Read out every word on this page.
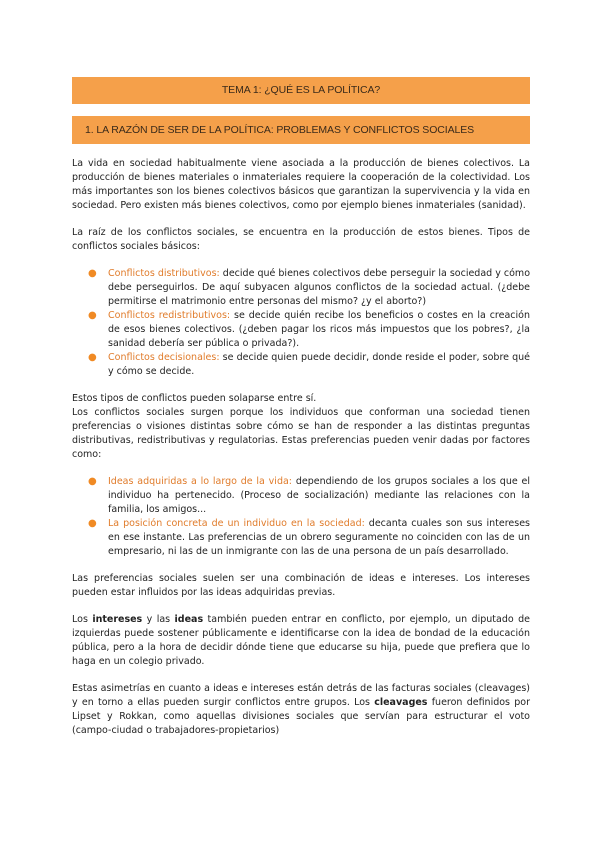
TEMA 1: ¿QUÉ ES LA POLÍTICA?
1. LA RAZÓN DE SER DE LA POLÍTICA: PROBLEMAS Y CONFLICTOS SOCIALES

La vida en sociedad habitualmente viene asociada a la producción de bienes colectivos. La producción de bienes materiales o inmateriales requiere la cooperación de la colectividad. Los más importantes son los bienes colectivos básicos que garantizan la supervivencia y la vida en sociedad. Pero existen más bienes colectivos, como por ejemplo bienes inmateriales (sanidad).

La raíz de los conflictos sociales, se encuentra en la producción de estos bienes. Tipos de conflictos sociales básicos:

● Conflictos distributivos: decide qué bienes colectivos debe perseguir la sociedad y cómo debe perseguirlos. De aquí subyacen algunos conflictos de la sociedad actual. (¿debe permitirse el matrimonio entre personas del mismo? ¿y el aborto?)
● Conflictos redistributivos: se decide quién recibe los beneficios o costes en la creación de esos bienes colectivos. (¿deben pagar los ricos más impuestos que los pobres?, ¿la sanidad debería ser pública o privada?).
● Conflictos decisionales: se decide quien puede decidir, donde reside el poder, sobre qué y cómo se decide.

Estos tipos de conflictos pueden solaparse entre sí.

Los conflictos sociales surgen porque los individuos que conforman una sociedad tienen preferencias o visiones distintas sobre cómo se han de responder a las distintas preguntas distributivas, redistributivas y regulatorias. Estas preferencias pueden venir dadas por factores como:

● Ideas adquiridas a lo largo de la vida: dependiendo de los grupos sociales a los que el individuo ha pertenecido. (Proceso de socialización) mediante las relaciones con la familia, los amigos...
● La posición concreta de un individuo en la sociedad: decanta cuales son sus intereses en ese instante. Las preferencias de un obrero seguramente no coinciden con las de un empresario, ni las de un inmigrante con las de una persona de un país desarrollado.

Las preferencias sociales suelen ser una combinación de ideas e intereses. Los intereses pueden estar influidos por las ideas adquiridas previas.

Los intereses y las ideas también pueden entrar en conflicto, por ejemplo, un diputado de izquierdas puede sostener públicamente e identificarse con la idea de bondad de la educación pública, pero a la hora de decidir dónde tiene que educarse su hija, puede que prefiera que lo haga en un colegio privado.

Estas asimetrías en cuanto a ideas e intereses están detrás de las facturas sociales (cleavages) y en torno a ellas pueden surgir conflictos entre grupos. Los cleavages fueron definidos por Lipset y Rokkan, como aquellas divisiones sociales que servían para estructurar el voto (campo-ciudad o trabajadores-propietarios)
